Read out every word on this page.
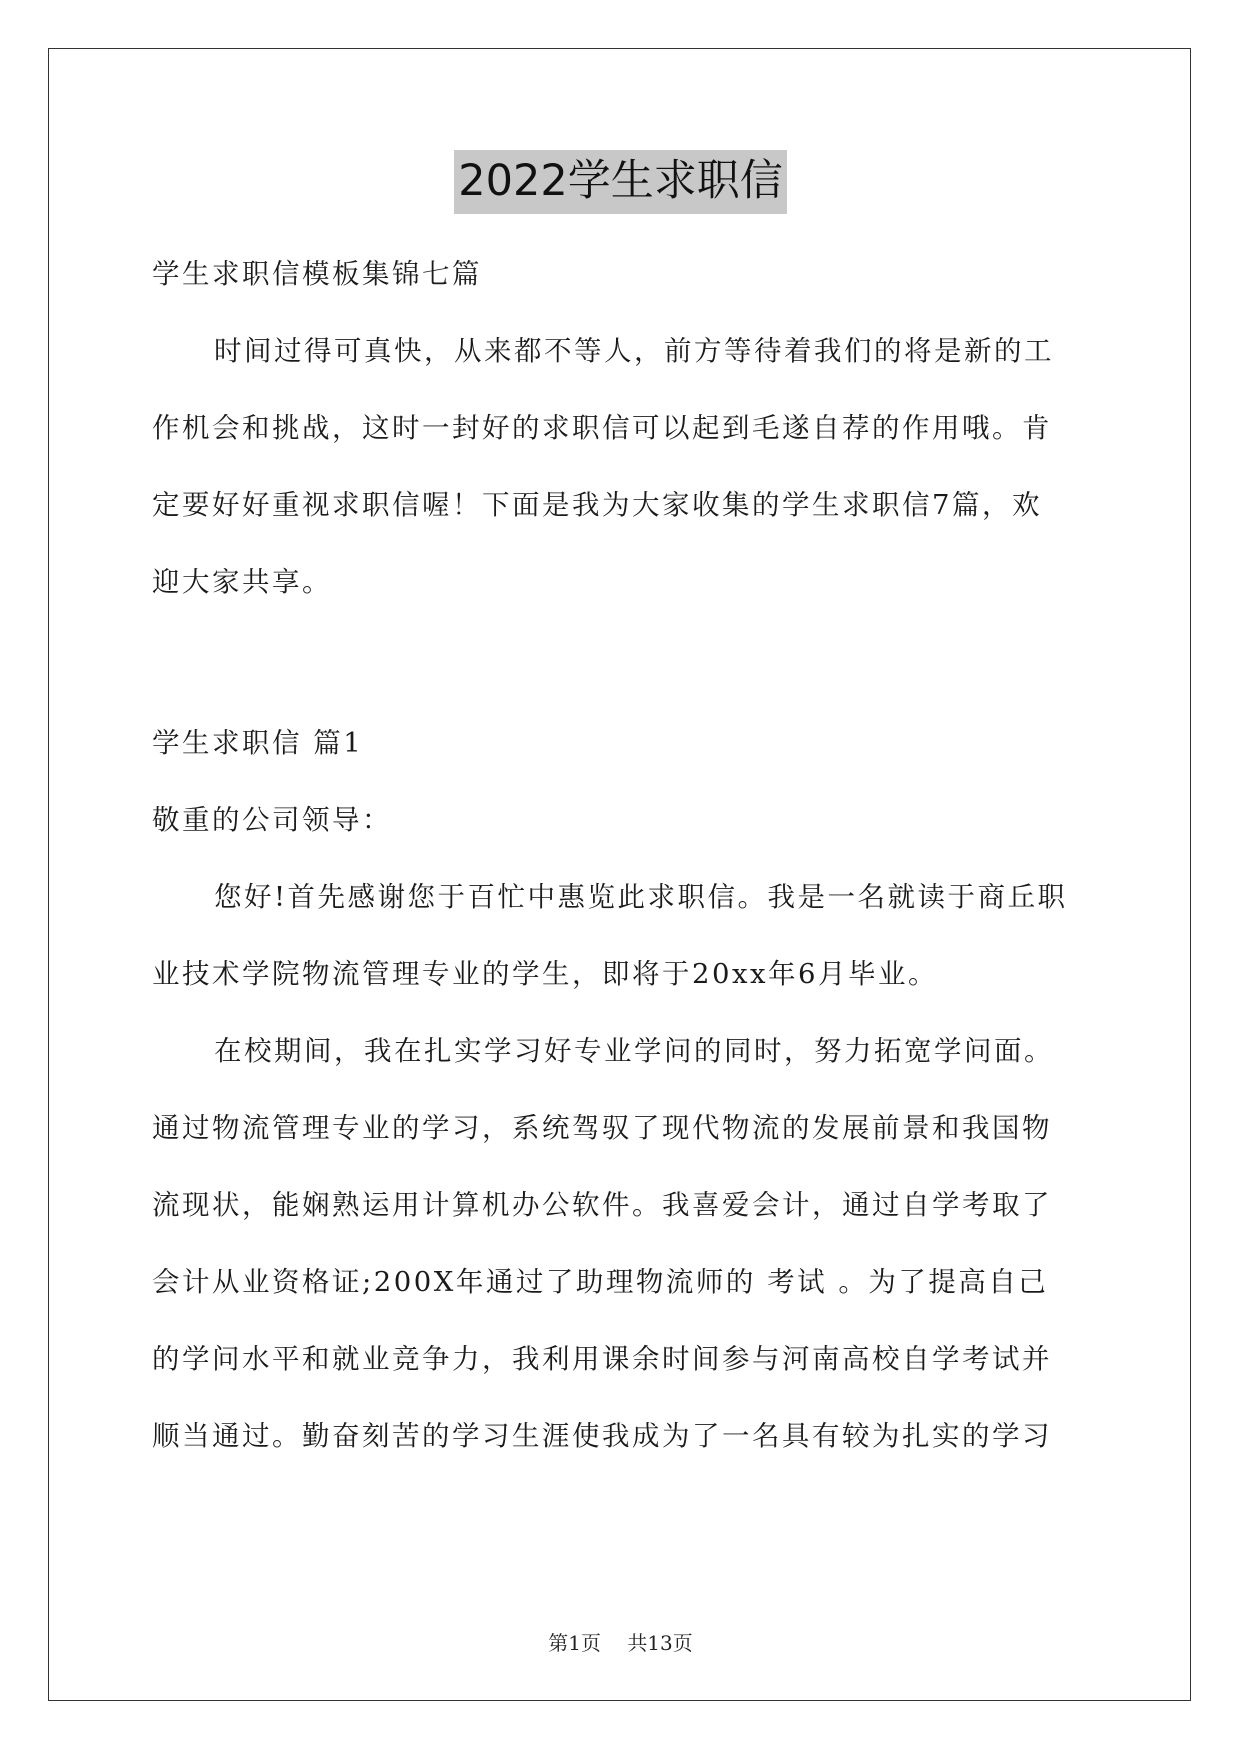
2022学生求职信
学生求职信模板集锦七篇
时间过得可真快，从来都不等人，前方等待着我们的将是新的工
作机会和挑战，这时一封好的求职信可以起到毛遂自荐的作用哦。肯
定要好好重视求职信喔！下面是我为大家收集的学生求职信7篇，欢
迎大家共享。
学生求职信 篇1
敬重的公司领导：
您好!首先感谢您于百忙中惠览此求职信。我是一名就读于商丘职
业技术学院物流管理专业的学生，即将于20xx年6月毕业。
在校期间，我在扎实学习好专业学问的同时，努力拓宽学问面。
通过物流管理专业的学习，系统驾驭了现代物流的发展前景和我国物
流现状，能娴熟运用计算机办公软件。我喜爱会计，通过自学考取了
会计从业资格证;200X年通过了助理物流师的 考试 。为了提高自己
的学问水平和就业竞争力，我利用课余时间参与河南高校自学考试并
顺当通过。勤奋刻苦的学习生涯使我成为了一名具有较为扎实的学习
第1页 共13页
